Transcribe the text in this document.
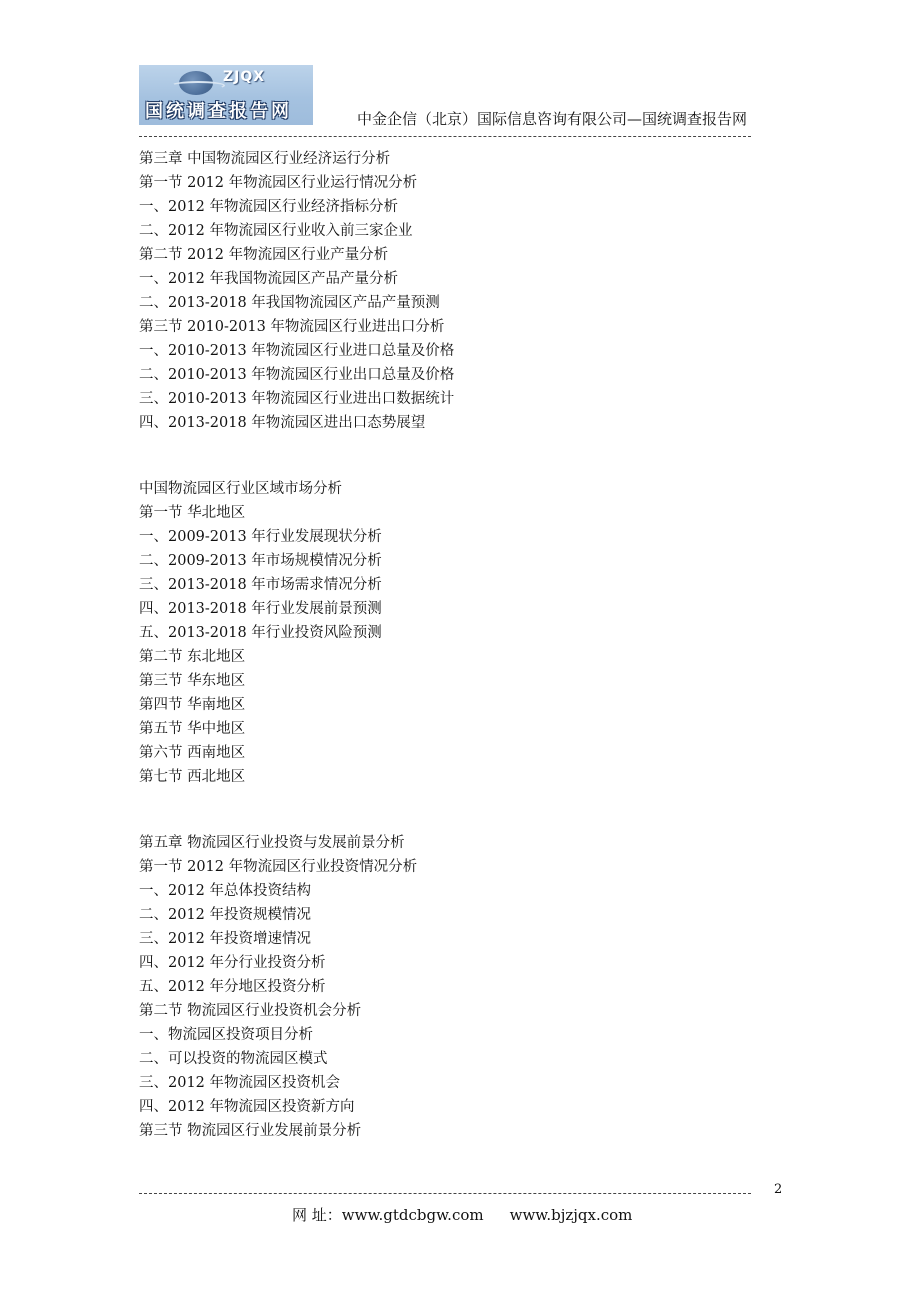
ZJQX
国统调查报告网	中金企信（北京）国际信息咨询有限公司—国统调查报告网
第三章 中国物流园区行业经济运行分析
第一节 2012 年物流园区行业运行情况分析
一、2012 年物流园区行业经济指标分析
二、2012 年物流园区行业收入前三家企业
第二节 2012 年物流园区行业产量分析
一、2012 年我国物流园区产品产量分析
二、2013-2018 年我国物流园区产品产量预测
第三节 2010-2013 年物流园区行业进出口分析
一、2010-2013 年物流园区行业进口总量及价格
二、2010-2013 年物流园区行业出口总量及价格
三、2010-2013 年物流园区行业进出口数据统计
四、2013-2018 年物流园区进出口态势展望
中国物流园区行业区域市场分析
第一节 华北地区
一、2009-2013 年行业发展现状分析
二、2009-2013 年市场规模情况分析
三、2013-2018 年市场需求情况分析
四、2013-2018 年行业发展前景预测
五、2013-2018 年行业投资风险预测
第二节 东北地区
第三节 华东地区
第四节 华南地区
第五节 华中地区
第六节 西南地区
第七节 西北地区
第五章 物流园区行业投资与发展前景分析
第一节 2012 年物流园区行业投资情况分析
一、2012 年总体投资结构
二、2012 年投资规模情况
三、2012 年投资增速情况
四、2012 年分行业投资分析
五、2012 年分地区投资分析
第二节 物流园区行业投资机会分析
一、物流园区投资项目分析
二、可以投资的物流园区模式
三、2012 年物流园区投资机会
四、2012 年物流园区投资新方向
第三节 物流园区行业发展前景分析
2
网 址：www.gtdcbgw.com www.bjzjqx.com
